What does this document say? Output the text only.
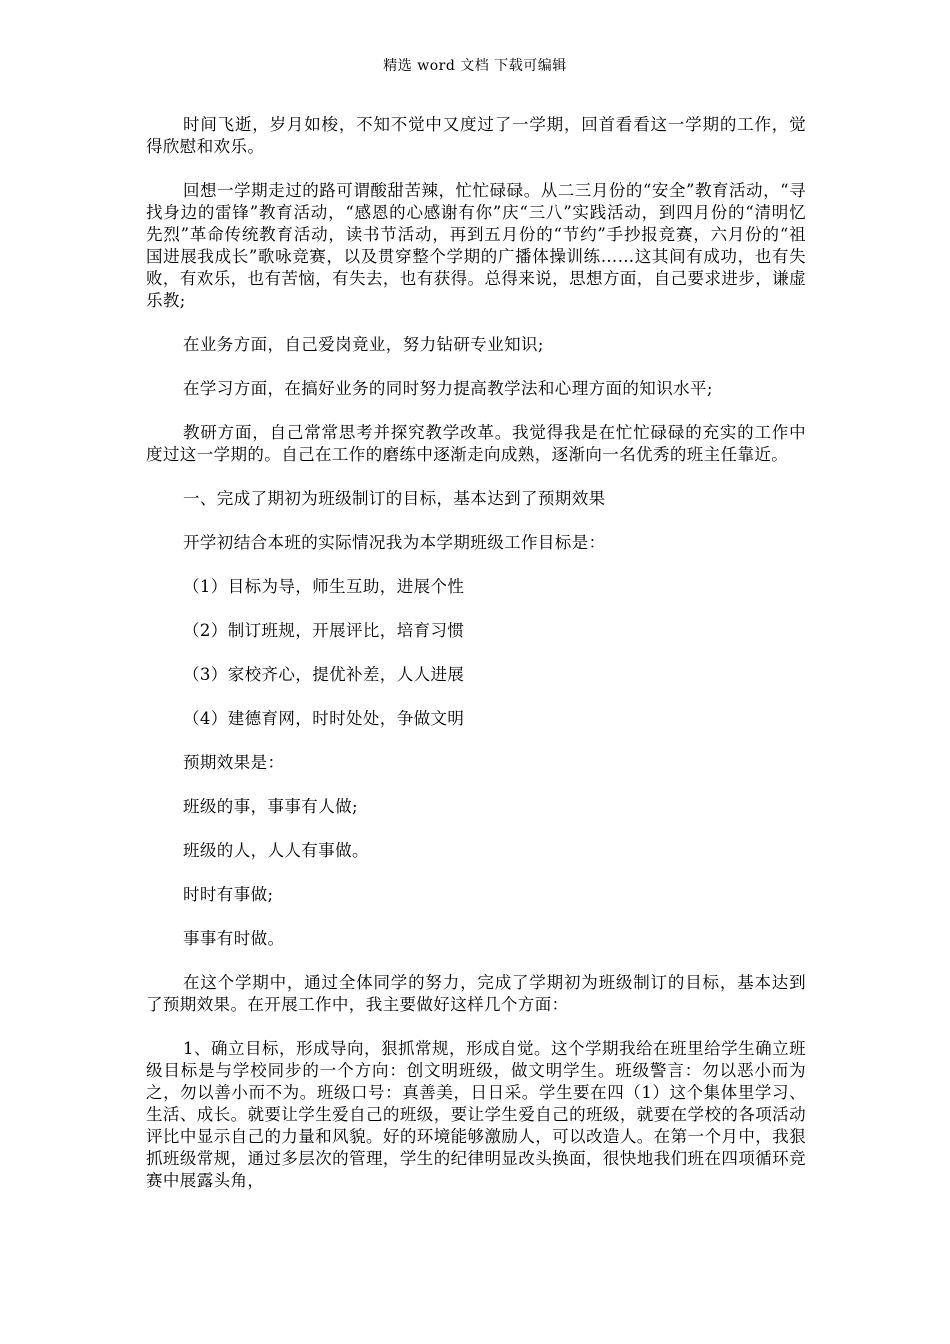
精选 word 文档 下载可编辑

时间飞逝，岁月如梭，不知不觉中又度过了一学期，回首看看这一学期的工作，觉得欣慰和欢乐。

回想一学期走过的路可谓酸甜苦辣，忙忙碌碌。从二三月份的“安全”教育活动，“寻找身边的雷锋”教育活动，“感恩的心感谢有你”庆“三八”实践活动，到四月份的“清明忆先烈”革命传统教育活动，读书节活动，再到五月份的“节约”手抄报竞赛，六月份的“祖国进展我成长”歌咏竞赛，以及贯穿整个学期的广播体操训练……这其间有成功，也有失败，有欢乐，也有苦恼，有失去，也有获得。总得来说，思想方面，自己要求进步，谦虚乐教;

在业务方面，自己爱岗竟业，努力钻研专业知识;

在学习方面，在搞好业务的同时努力提高教学法和心理方面的知识水平;

教研方面，自己常常思考并探究教学改革。我觉得我是在忙忙碌碌的充实的工作中度过这一学期的。自己在工作的磨练中逐渐走向成熟，逐渐向一名优秀的班主任靠近。

一、完成了期初为班级制订的目标，基本达到了预期效果

开学初结合本班的实际情况我为本学期班级工作目标是：

（1）目标为导，师生互助，进展个性

（2）制订班规，开展评比，培育习惯

（3）家校齐心，提优补差，人人进展

（4）建德育网，时时处处，争做文明

预期效果是：

班级的事，事事有人做;

班级的人，人人有事做。

时时有事做;

事事有时做。

在这个学期中，通过全体同学的努力，完成了学期初为班级制订的目标，基本达到了预期效果。在开展工作中，我主要做好这样几个方面：

1、确立目标，形成导向，狠抓常规，形成自觉。这个学期我给在班里给学生确立班级目标是与学校同步的一个方向：创文明班级，做文明学生。班级警言：勿以恶小而为之，勿以善小而不为。班级口号：真善美，日日采。学生要在四（1）这个集体里学习、生活、成长。就要让学生爱自己的班级，要让学生爱自己的班级，就要在学校的各项活动评比中显示自己的力量和风貌。好的环境能够激励人，可以改造人。在第一个月中，我狠抓班级常规，通过多层次的管理，学生的纪律明显改头换面，很快地我们班在四项循环竞赛中展露头角，
